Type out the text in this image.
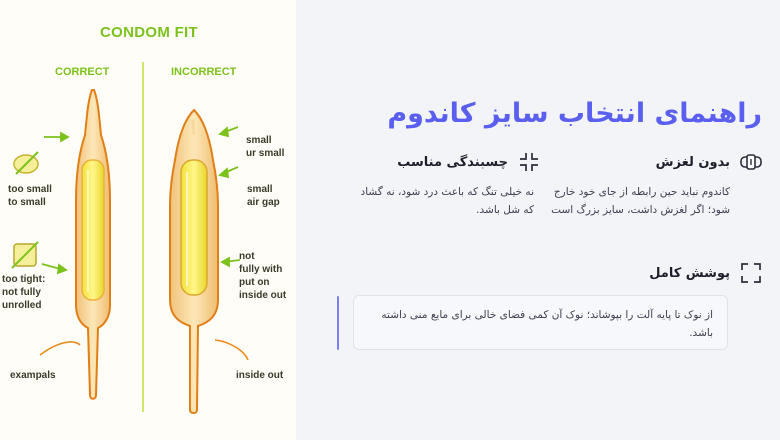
CONDOM FIT
CORRECT	INCORRECT
too small
to small
too tight:
not fully
unrolled
exampals
small
ur small
small
air gap
not
fully with
put on
inside out
inside out
راهنمای انتخاب سایز کاندوم
بدون لغزش
کاندوم نباید حین رابطه از جای خود خارج شود؛ اگر لغزش داشت، سایز بزرگ است
چسبندگی مناسب
نه خیلی تنگ که باعث درد شود، نه گشاد که شل باشد.
پوشش کامل
از نوک تا پایه آلت را بپوشاند؛ نوک آن کمی فضای خالی برای مایع منی داشته باشد.
